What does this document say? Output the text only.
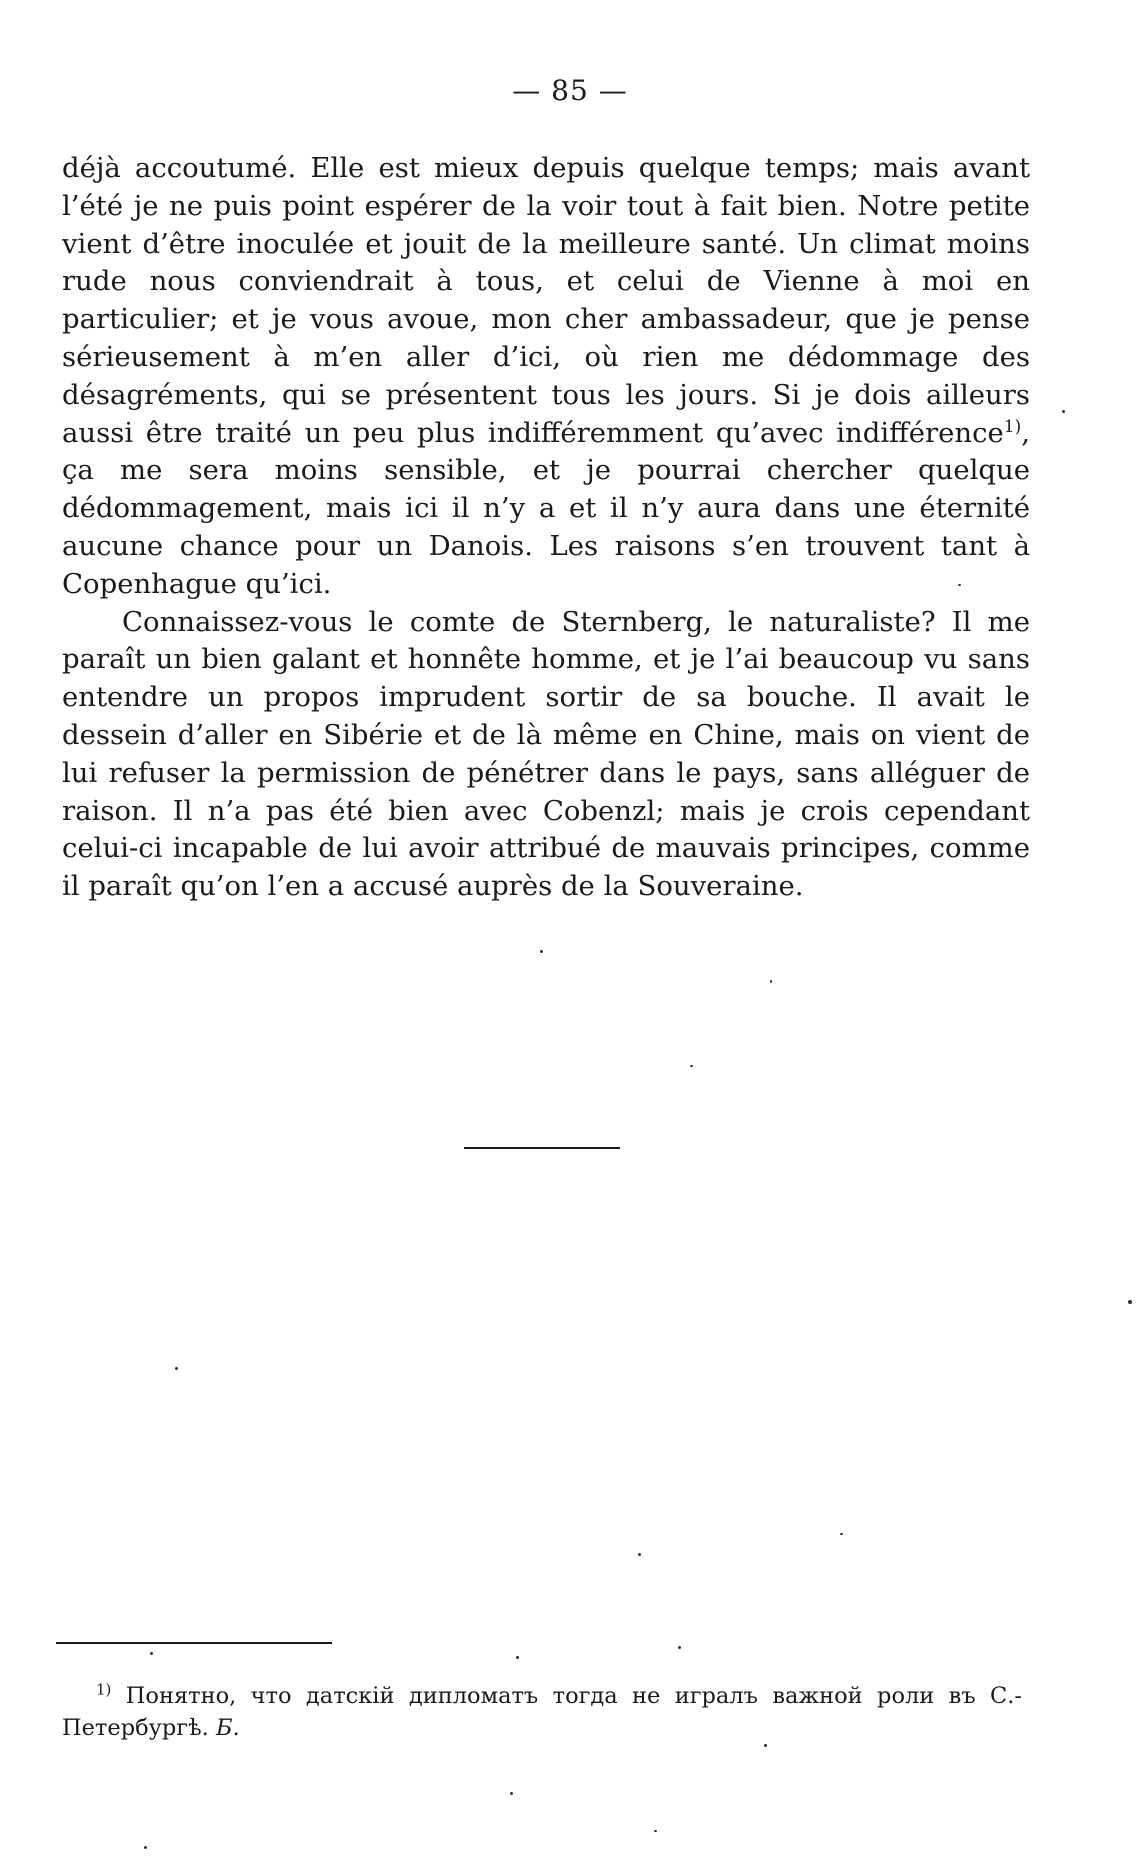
— 85 —

déjà accoutumé. Elle est mieux depuis quelque temps; mais avant l’été je ne puis point espérer de la voir tout à fait bien. Notre petite vient d’être inoculée et jouit de la meilleure santé. Un climat moins rude nous conviendrait à tous, et celui de Vienne à moi en particulier; et je vous avoue, mon cher ambassadeur, que je pense sérieusement à m’en aller d’ici, où rien me dédommage des désagréments, qui se présentent tous les jours. Si je dois ailleurs aussi être traité un peu plus indifféremment qu’avec indifférence$^{1)}$, ça me sera moins sensible, et je pourrai chercher quelque dédommagement, mais ici il n’y a et il n’y aura dans une éternité aucune chance pour un Danois. Les raisons s’en trouvent tant à Copenhague qu’ici.

Connaissez-vous le comte de Sternberg, le naturaliste? Il me paraît un bien galant et honnête homme, et je l’ai beaucoup vu sans entendre un propos imprudent sortir de sa bouche. Il avait le dessein d’aller en Sibérie et de là même en Chine, mais on vient de lui refuser la permission de pénétrer dans le pays, sans alléguer de raison. Il n’a pas été bien avec Cobenzl; mais je crois cependant celui-ci incapable de lui avoir attribué de mauvais principes, comme il paraît qu’on l’en a accusé auprès de la Souveraine.

$^{1)}$ Понятно, что датскій дипломатъ тогда не игралъ важной роли въ С.-Петербургѣ. Б.
